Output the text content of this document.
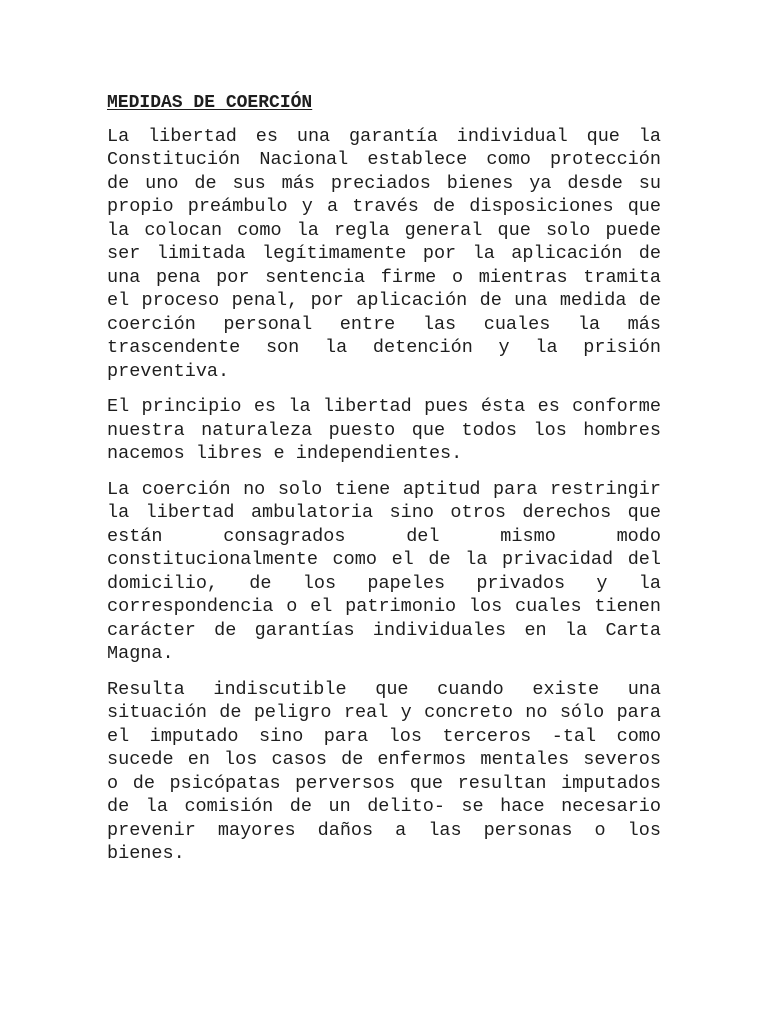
MEDIDAS DE COERCIÓN

La libertad es una garantía individual que la Constitución Nacional establece como protección de uno de sus más preciados bienes ya desde su propio preámbulo y a través de disposiciones que la colocan como la regla general que solo puede ser limitada legítimamente por la aplicación de una pena por sentencia firme o mientras tramita el proceso penal, por aplicación de una medida de coerción personal entre las cuales la más trascendente son la detención y la prisión preventiva.

El principio es la libertad pues ésta es conforme nuestra naturaleza puesto que todos los hombres nacemos libres e independientes.

La coerción no solo tiene aptitud para restringir la libertad ambulatoria sino otros derechos que están consagrados del mismo modo constitucionalmente como el de la privacidad del domicilio, de los papeles privados y la correspondencia o el patrimonio los cuales tienen carácter de garantías individuales en la Carta Magna.

Resulta indiscutible que cuando existe una situación de peligro real y concreto no sólo para el imputado sino para los terceros -tal como sucede en los casos de enfermos mentales severos o de psicópatas perversos que resultan imputados de la comisión de un delito- se hace necesario prevenir mayores daños a las personas o los bienes.
